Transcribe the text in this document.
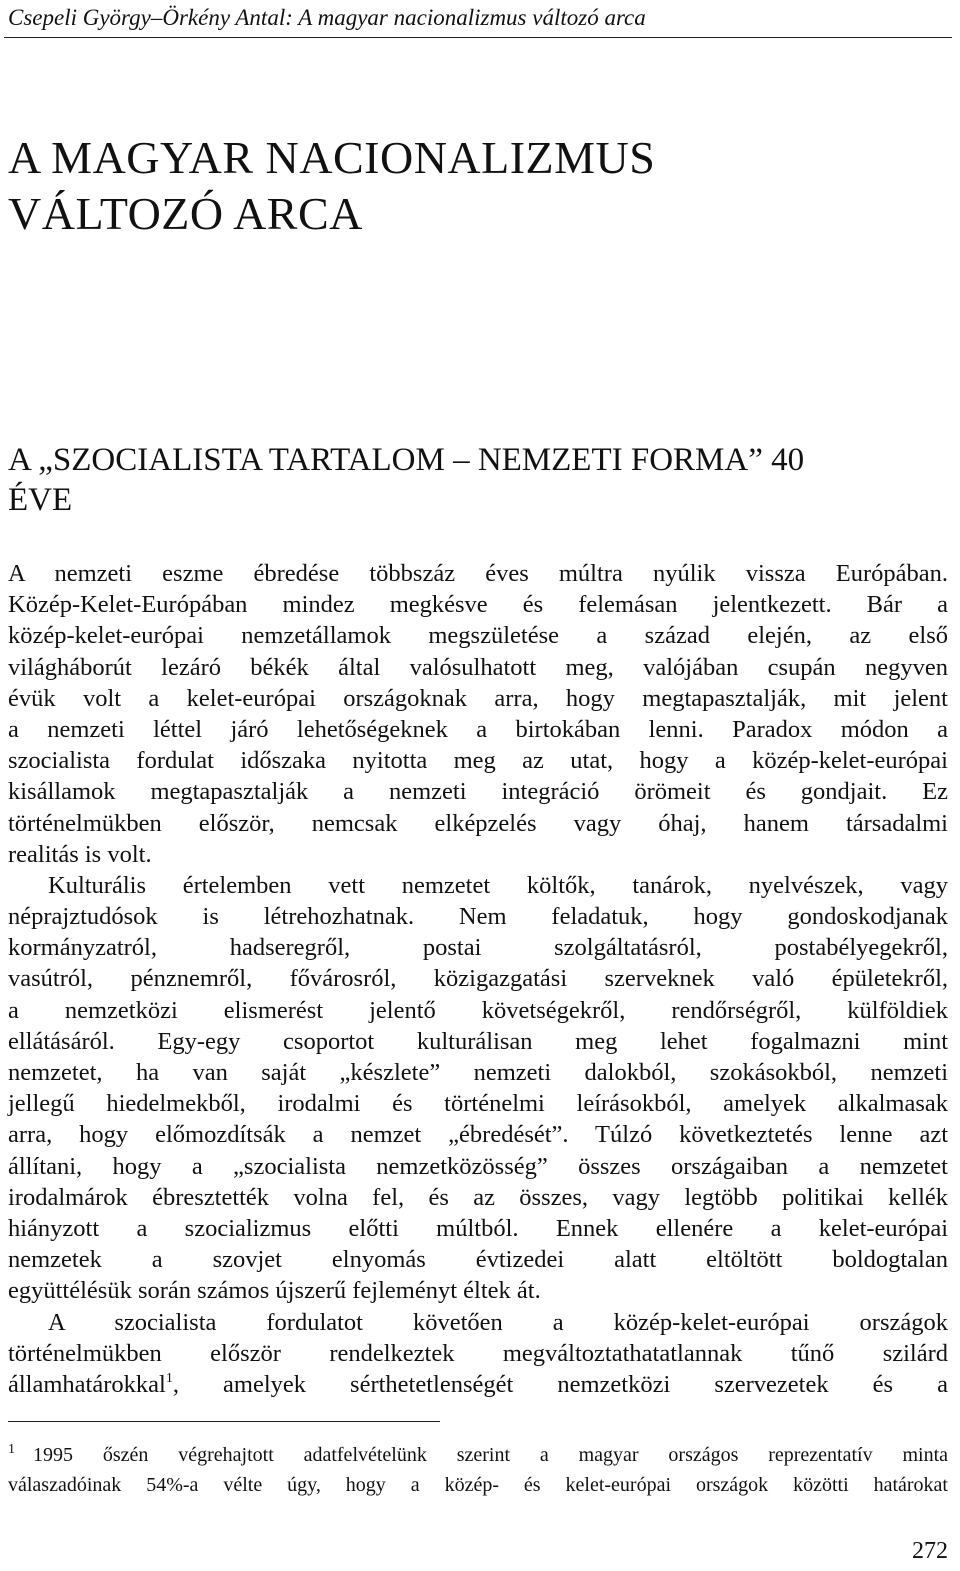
Csepeli György–Örkény Antal: A magyar nacionalizmus változó arca
A MAGYAR NACIONALIZMUS
VÁLTOZÓ ARCA
A „SZOCIALISTA TARTALOM – NEMZETI FORMA” 40
ÉVE
A nemzeti eszme ébredése többszáz éves múltra nyúlik vissza Európában.
Közép-Kelet-Európában mindez megkésve és felemásan jelentkezett. Bár a
közép-kelet-európai nemzetállamok megszületése a század elején, az első
világháborút lezáró békék által valósulhatott meg, valójában csupán negyven
évük volt a kelet-európai országoknak arra, hogy megtapasztalják, mit jelent
a nemzeti léttel járó lehetőségeknek a birtokában lenni. Paradox módon a
szocialista fordulat időszaka nyitotta meg az utat, hogy a közép-kelet-európai
kisállamok megtapasztalják a nemzeti integráció örömeit és gondjait. Ez
történelmükben először, nemcsak elképzelés vagy óhaj, hanem társadalmi
realitás is volt.
Kulturális értelemben vett nemzetet költők, tanárok, nyelvészek, vagy
néprajztudósok is létrehozhatnak. Nem feladatuk, hogy gondoskodjanak
kormányzatról, hadseregről, postai szolgáltatásról, postabélyegekről,
vasútról, pénznemről, fővárosról, közigazgatási szerveknek való épületekről,
a nemzetközi elismerést jelentő követségekről, rendőrségről, külföldiek
ellátásáról. Egy-egy csoportot kulturálisan meg lehet fogalmazni mint
nemzetet, ha van saját „készlete” nemzeti dalokból, szokásokból, nemzeti
jellegű hiedelmekből, irodalmi és történelmi leírásokból, amelyek alkalmasak
arra, hogy előmozdítsák a nemzet „ébredését”. Túlzó következtetés lenne azt
állítani, hogy a „szocialista nemzetközösség” összes országaiban a nemzetet
irodalmárok ébresztették volna fel, és az összes, vagy legtöbb politikai kellék
hiányzott a szocializmus előtti múltból. Ennek ellenére a kelet-európai
nemzetek a szovjet elnyomás évtizedei alatt eltöltött boldogtalan
együttélésük során számos újszerű fejleményt éltek át.
A szocialista fordulatot követően a közép-kelet-európai országok
történelmükben először rendelkeztek megváltoztathatatlannak tűnő szilárd
államhatárokkal$^1$, amelyek sérthetetlenségét nemzetközi szervezetek és a
$^1$ 1995 őszén végrehajtott adatfelvételünk szerint a magyar országos reprezentatív minta
válaszadóinak 54%-a vélte úgy, hogy a közép- és kelet-európai országok közötti határokat
272
